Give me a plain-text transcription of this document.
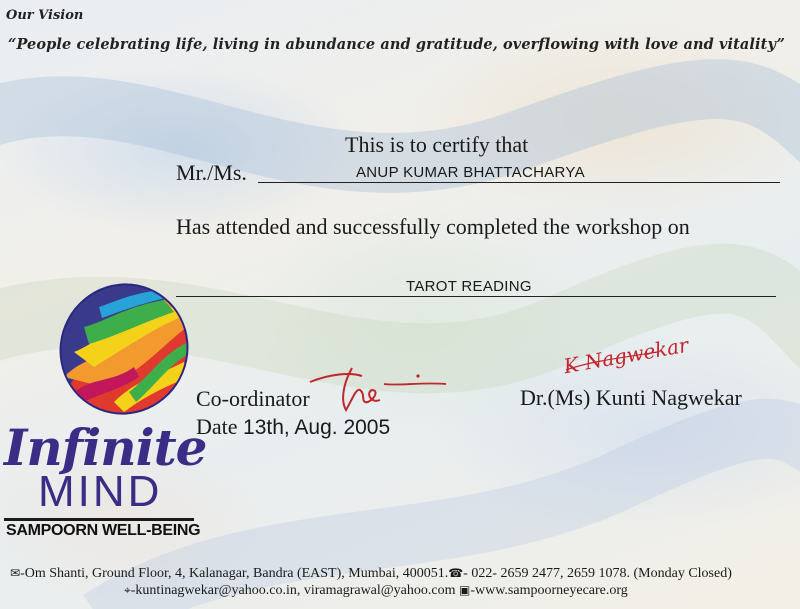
Our Vision
“People celebrating life, living in abundance and gratitude, overflowing with love and vitality”
This is to certify that
Mr./Ms.	ANUP KUMAR BHATTACHARYA
Has attended and successfully completed the workshop on
TAROT READING
Co-ordinator
Date 13th, Aug. 2005
Dr.(Ms) Kunti Nagwekar
K Nagwekar
Infinite
MIND
SAMPOORN WELL-BEING
✉-Om Shanti, Ground Floor, 4, Kalanagar, Bandra (EAST), Mumbai, 400051.☎- 022- 2659 2477, 2659 1078. (Monday Closed)
⌖-kuntinagwekar@yahoo.co.in, viramagrawal@yahoo.com ▣-www.sampoorneyecare.org
